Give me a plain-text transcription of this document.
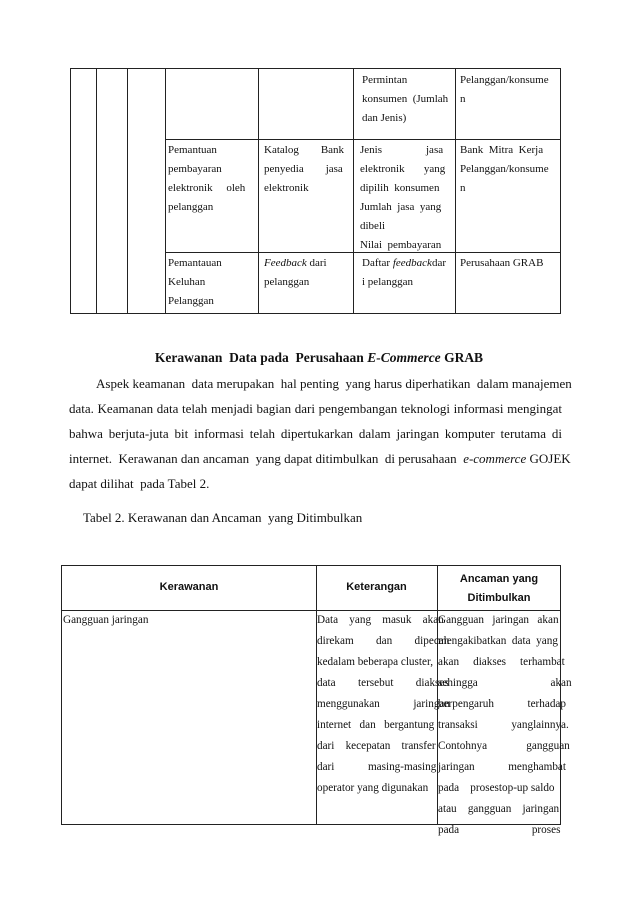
Permintan
konsumen  (Jumlah
dan Jenis)
Pelanggan/konsume
n
Pemantuan
pembayaran
elektronik     oleh
pelanggan
Katalog        Bank
penyedia        jasa
elektronik
Jenis                jasa
elektronik       yang
dipilih  konsumen
Jumlah  jasa  yang
dibeli
Nilai  pembayaran
Bank  Mitra  Kerja
Pelanggan/konsume
n
Pemantauan
Keluhan
Pelanggan
Feedback dari
pelanggan
Daftar feedbackdar
i pelanggan
Perusahaan GRAB
Kerawanan  Data pada  Perusahaan E-Commerce GRAB
Aspek keamanan  data merupakan  hal penting  yang harus diperhatikan  dalam manajemen
data. Keamanan data telah menjadi bagian dari pengembangan teknologi informasi mengingat
bahwa berjuta-juta bit informasi telah dipertukarkan dalam jaringan komputer terutama di
internet.  Kerawanan dan ancaman  yang dapat ditimbulkan  di perusahaan  e-commerce GOJEK
dapat dilihat  pada Tabel 2.
Tabel 2. Kerawanan dan Ancaman  yang Ditimbulkan
Kerawanan	Keterangan
Ancaman yang
Ditimbulkan
Gangguan jaringan	Data    yang    masuk    akan
direkam        dan        dipecah
kedalam beberapa cluster,
data        tersebut        diakses
menggunakan            jaringan
internet   dan   bergantung
dari    kecepatan    transfer
dari            masing-masing
operator yang digunakan
Gangguan   jaringan   akan
mengakibatkan  data  yang
akan     diakses     terhambat
sehingga                          akan
berpengaruh            terhadap
transaksi            yanglainnya.
Contohnya              gangguan
jaringan            menghambat
pada    prosestop-up saldo
atau    gangguan    jaringan
pada                          proses
